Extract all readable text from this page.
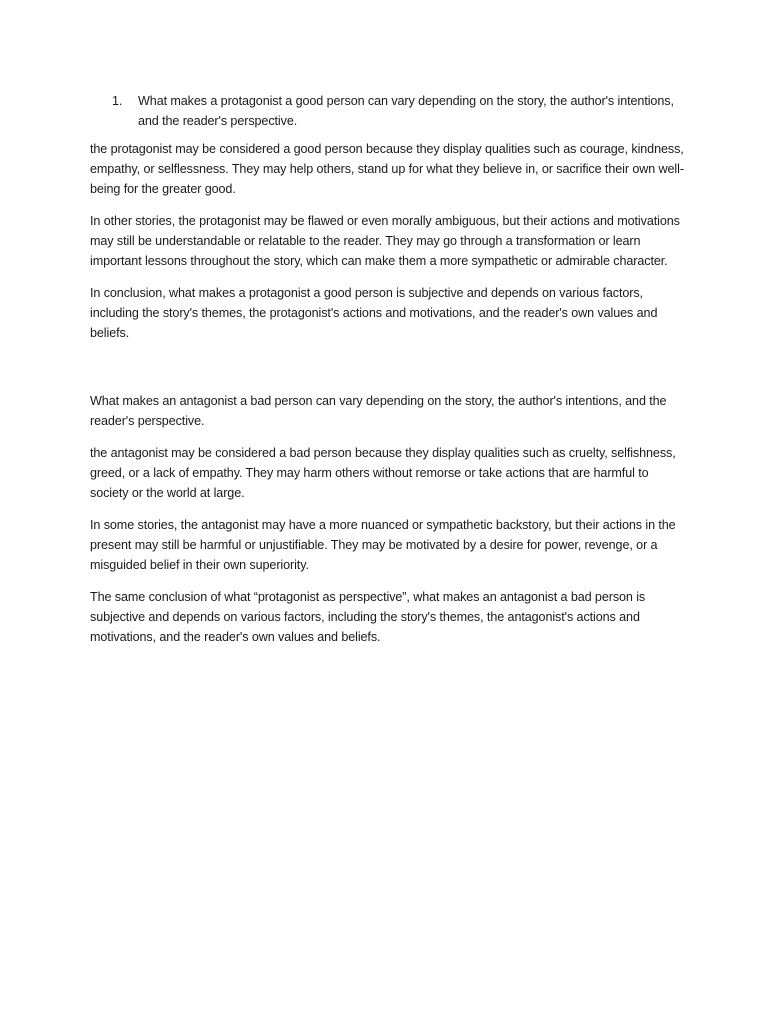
1.	What makes a protagonist a good person can vary depending on the story, the author's intentions, and the reader's perspective.

the protagonist may be considered a good person because they display qualities such as courage, kindness, empathy, or selflessness. They may help others, stand up for what they believe in, or sacrifice their own well-being for the greater good.

In other stories, the protagonist may be flawed or even morally ambiguous, but their actions and motivations may still be understandable or relatable to the reader. They may go through a transformation or learn important lessons throughout the story, which can make them a more sympathetic or admirable character.

In conclusion, what makes a protagonist a good person is subjective and depends on various factors, including the story's themes, the protagonist's actions and motivations, and the reader's own values and beliefs.

What makes an antagonist a bad person can vary depending on the story, the author's intentions, and the reader's perspective.

the antagonist may be considered a bad person because they display qualities such as cruelty, selfishness, greed, or a lack of empathy. They may harm others without remorse or take actions that are harmful to society or the world at large.

In some stories, the antagonist may have a more nuanced or sympathetic backstory, but their actions in the present may still be harmful or unjustifiable. They may be motivated by a desire for power, revenge, or a misguided belief in their own superiority.

The same conclusion of what “protagonist as perspective”, what makes an antagonist a bad person is subjective and depends on various factors, including the story's themes, the antagonist's actions and motivations, and the reader's own values and beliefs.
